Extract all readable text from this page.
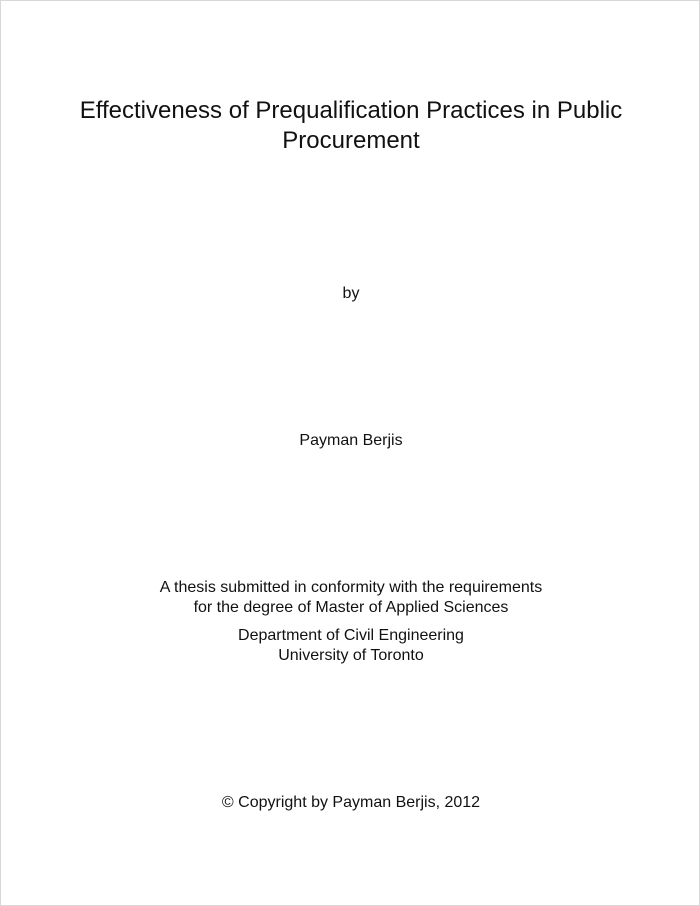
Effectiveness of Prequalification Practices in Public
Procurement

by

Payman Berjis

A thesis submitted in conformity with the requirements
for the degree of Master of Applied Sciences

Department of Civil Engineering
University of Toronto

© Copyright by Payman Berjis, 2012
